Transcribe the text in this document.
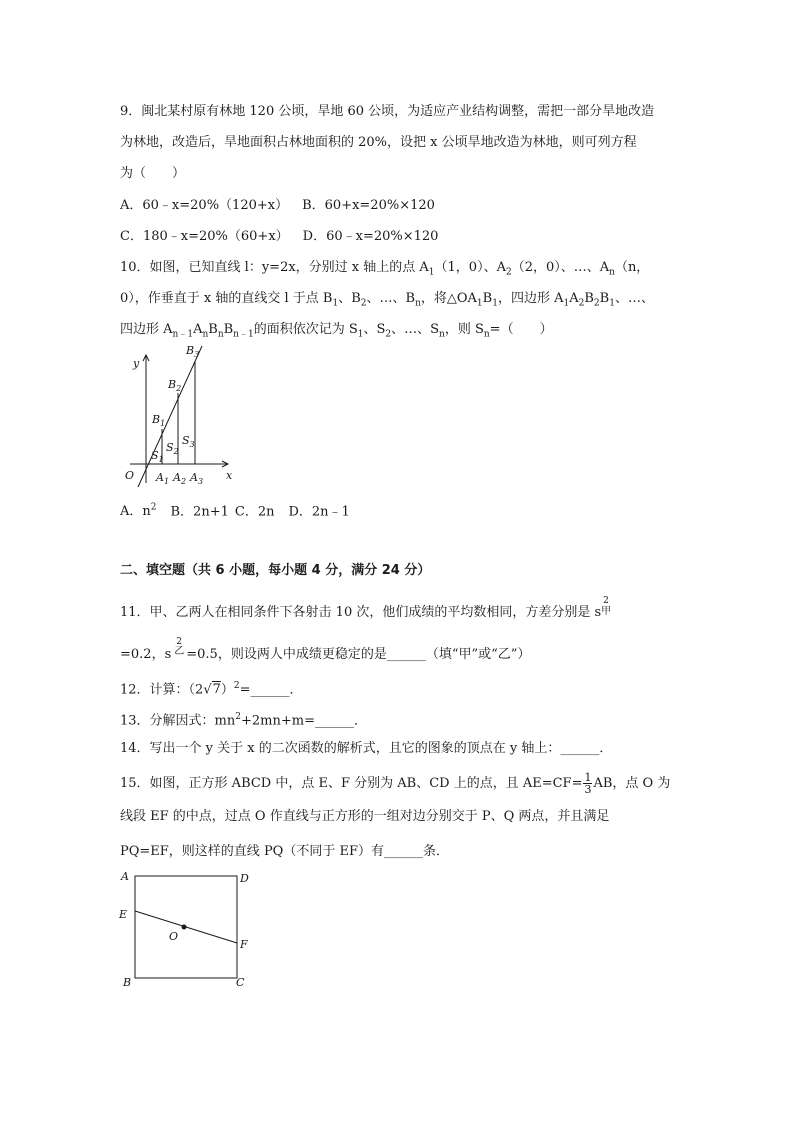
9．闽北某村原有林地 120 公顷，旱地 60 公顷，为适应产业结构调整，需把一部分旱地改造
为林地，改造后，旱地面积占林地面积的 20%，设把 x 公顷旱地改造为林地，则可列方程
为（　　）
A．60﹣x=20%（120+x） B．60+x=20%×120
C．180﹣x=20%（60+x） D．60﹣x=20%×120
10．如图，已知直线 l：y=2x，分别过 x 轴上的点 $A_1(1$，0）、$A_2(2$，0）、…、$A_n(n$，
0），作垂直于 x 轴的直线交 l 于点 $B_1$、$B_2$、…、$B_n$，将$\triangle OA_1B_1$，四边形 $A_1A_2B_2B_1$、…、
四边形 $A_{n﹣1}A_nB_nB_{n﹣1}$的面积依次记为 $S_1$、$S_2$、…、$S_n$，则 $S_n=$（　　）
y
x
O $A_1$ $A_2$ $A_3$
$B_1$
$B_2$
$B_3$
$S_1$
$S_2$
$S_3$
A．$n^2$ B．2n+1 C．2n D．2n﹣1
二、填空题（共 6 小题，每小题 4 分，满分 24 分）
11．甲、乙两人在相同条件下各射击 10 次，他们成绩的平均数相同，方差分别是 s
2
甲
=0.2，s
2
乙 =0.5，则设两人中成绩更稳定的是______（填“甲”或“乙”）
12．计算：$(2√7)^2=\_\_\_\_\_\_$．
13．分解因式：$mn^2+2mn+m=\_\_\_\_\_\_$．
14．写出一个 y 关于 x 的二次函数的解析式，且它的图象的顶点在 y 轴上：______．
15．如图，正方形 ABCD 中，点 E、F 分别为 AB、CD 上的点，且 $AE=CF= \frac{1}{3}$ AB，点 O 为
线段 EF 的中点，过点 O 作直线与正方形的一组对边分别交于 P、Q 两点，并且满足
PQ=EF，则这样的直线 PQ（不同于 EF）有______条．
A	D
E
F
O
B	C
